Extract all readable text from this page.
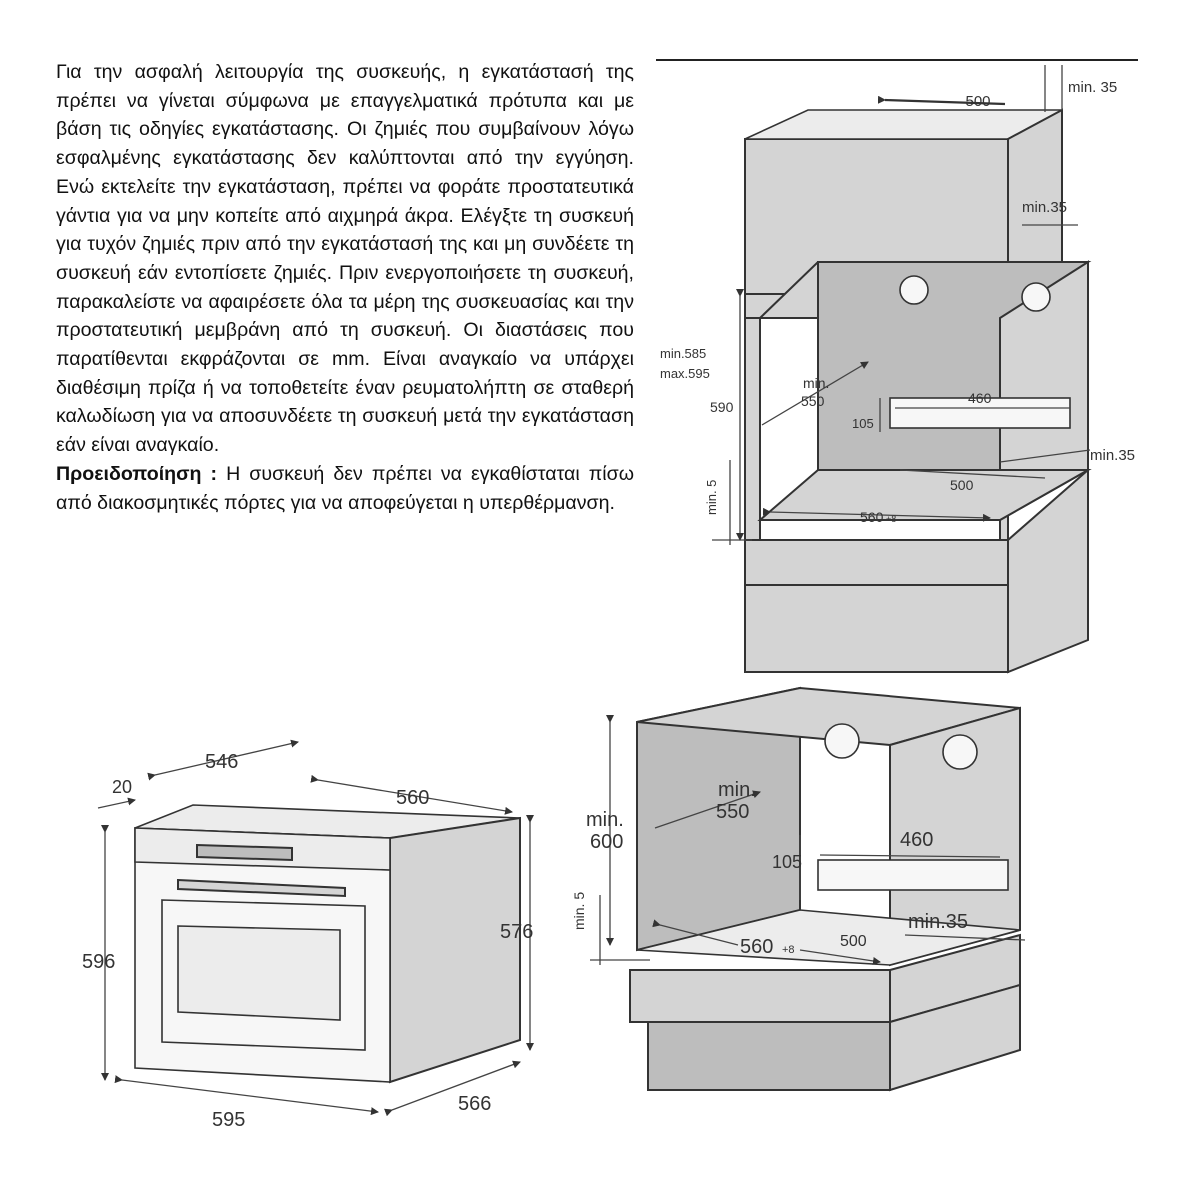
Για την ασφαλή λειτουργία της συσκευής, η εγκατάστασή της πρέπει να γίνεται σύμφωνα με επαγγελματικά πρότυπα και με βάση τις οδηγίες εγκατάστασης. Οι ζημιές που συμβαίνουν λόγω εσφαλμένης εγκατάστασης δεν καλύπτονται από την εγγύηση. Ενώ εκτελείτε την εγκατάσταση, πρέπει να φοράτε προστατευτικά γάντια για να μην κοπείτε από αιχμηρά άκρα. Ελέγξτε τη συσκευή για τυχόν ζημιές πριν από την εγκατάστασή της και μη συνδέετε τη συσκευή εάν εντοπίσετε ζημιές. Πριν ενεργοποιήσετε τη συσκευή, παρακαλείστε να αφαιρέσετε όλα τα μέρη της συσκευασίας και την προστατευτική μεμβράνη από τη συσκευή. Οι διαστάσεις που παρατίθενται εκφράζονται σε mm. Είναι αναγκαίο να υπάρχει διαθέσιμη πρίζα ή να τοποθετείτε έναν ρευματολήπτη σε σταθερή καλωδίωση για να αποσυνδέετε τη συσκευή μετά την εγκατάσταση εάν είναι αναγκαίο.

Προειδοποίηση : Η συσκευή δεν πρέπει να εγκαθίσταται πίσω από διακοσμητικές πόρτες για να αποφεύγεται η υπερθέρμανση.

500
min. 35
min.35
min.585
max.595
590
min.
550	460
105
min.35
500
560 +8
min. 5
546
20	560
596
576
595
566
min.
600
min. 5
min.
550
460
105
min.35
500
560 +8
